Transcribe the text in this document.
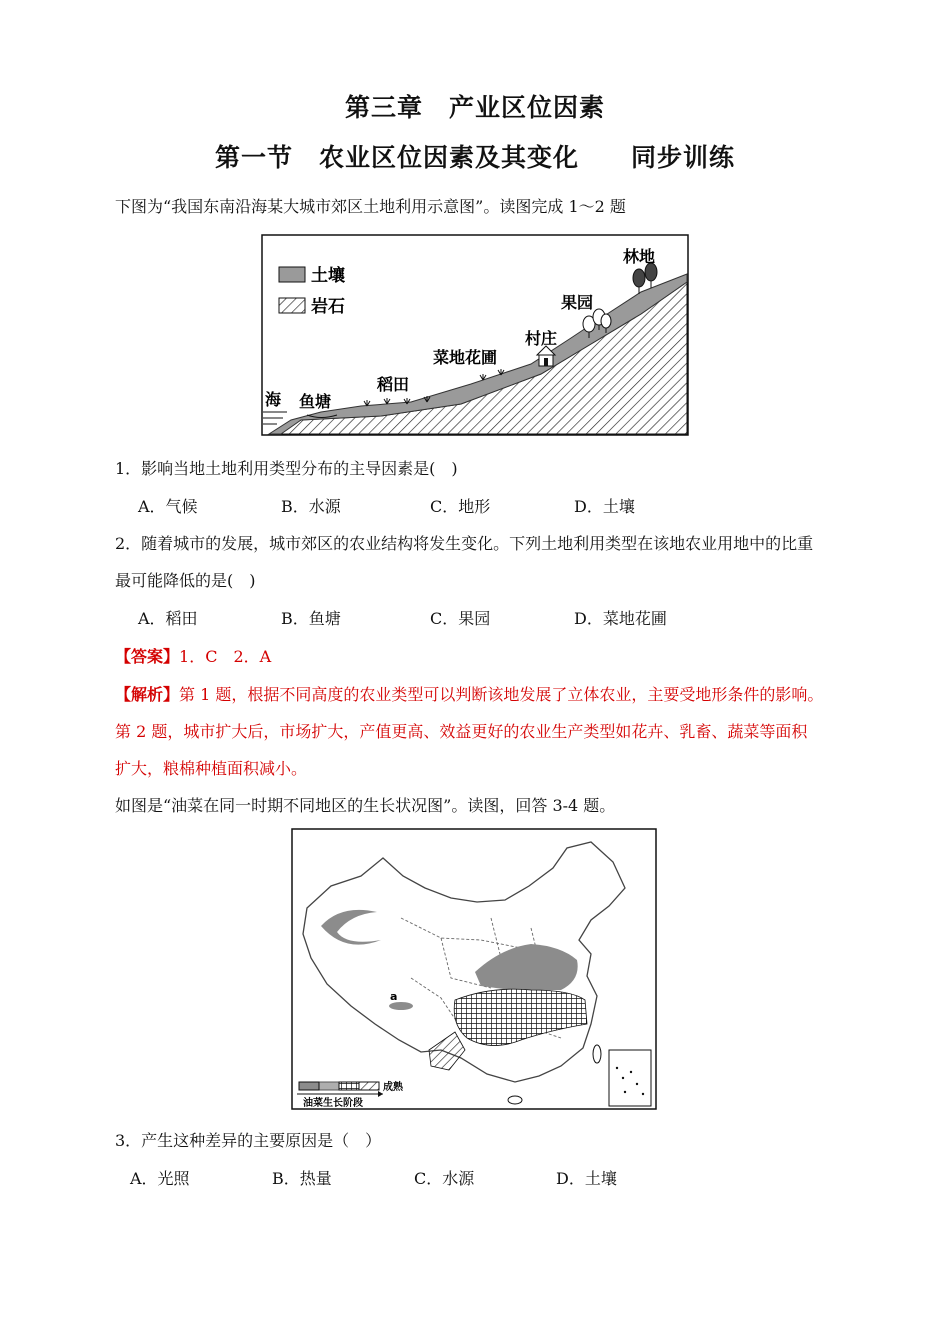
第三章　产业区位因素
第一节　农业区位因素及其变化　　同步训练
下图为“我国东南沿海某大城市郊区土地利用示意图”。读图完成 1～2 题
土壤
岩石
海 鱼塘
稻田
菜地花圃
村庄
果园
林地
1．影响当地土地利用类型分布的主导因素是(　)
A．气候	B．水源	C．地形	D．土壤
2．随着城市的发展，城市郊区的农业结构将发生变化。下列土地利用类型在该地农业用地中的比重
最可能降低的是(　)
A．稻田	B．鱼塘	C．果园	D．菜地花圃
【答案】1．C　2．A
【解析】第 1 题，根据不同高度的农业类型可以判断该地发展了立体农业，主要受地形条件的影响。
第 2 题，城市扩大后，市场扩大，产值更高、效益更好的农业生产类型如花卉、乳畜、蔬菜等面积
扩大，粮棉种植面积减小。
如图是“油菜在同一时期不同地区的生长状况图”。读图，回答 3-4 题。
a
成熟
油菜生长阶段
3．产生这种差异的主要原因是（　）
A．光照	B．热量	C．水源	D．土壤
